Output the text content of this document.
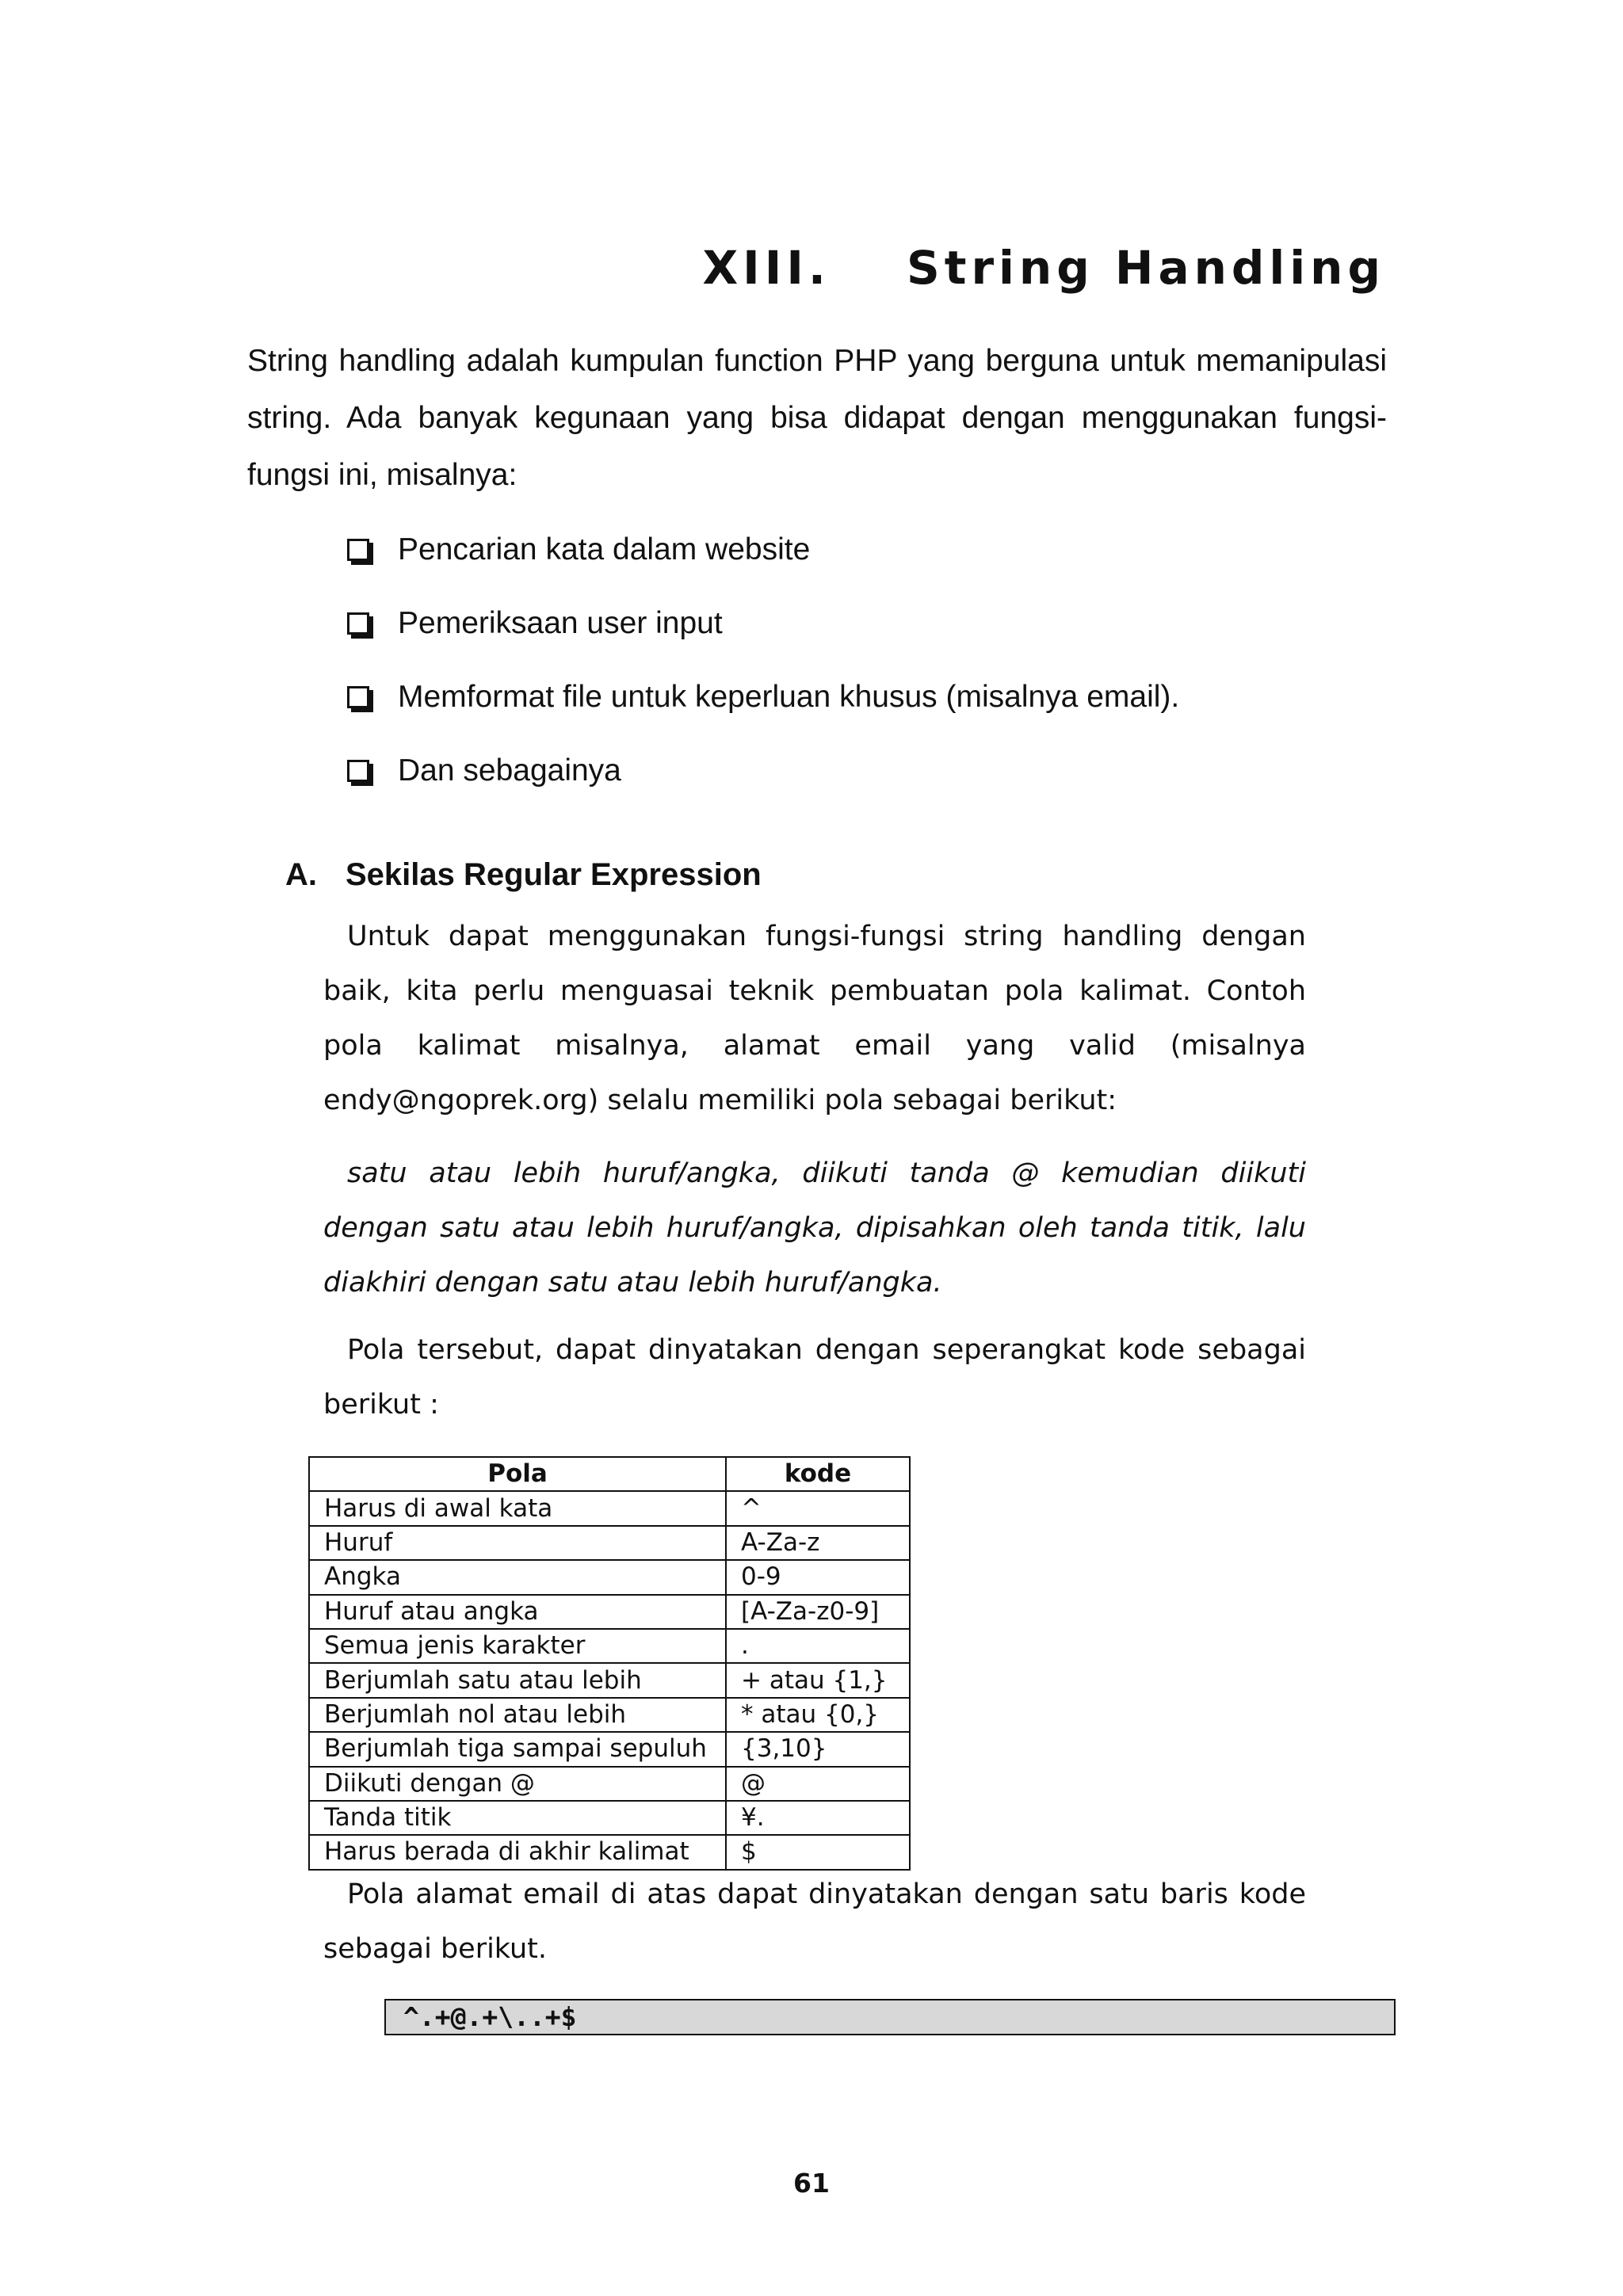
XIII. String Handling

String handling adalah kumpulan function PHP yang berguna untuk memanipulasi string. Ada banyak kegunaan yang bisa didapat dengan menggunakan fungsi-fungsi ini, misalnya:

Pencarian kata dalam website
Pemeriksaan user input
Memformat file untuk keperluan khusus (misalnya email).
Dan sebagainya
A. Sekilas Regular Expression

Untuk dapat menggunakan fungsi-fungsi string handling dengan baik, kita perlu menguasai teknik pembuatan pola kalimat. Contoh pola kalimat misalnya, alamat email yang valid (misalnya endy@ngoprek.org) selalu memiliki pola sebagai berikut:

satu atau lebih huruf/angka, diikuti tanda @ kemudian diikuti dengan satu atau lebih huruf/angka, dipisahkan oleh tanda titik, lalu diakhiri dengan satu atau lebih huruf/angka.

Pola tersebut, dapat dinyatakan dengan seperangkat kode sebagai berikut :

Pola	kode
Harus di awal kata	^
Huruf	A-Za-z
Angka	0-9
Huruf atau angka	[A-Za-z0-9]
Semua jenis karakter	.
Berjumlah satu atau lebih	+ atau {1,}
Berjumlah nol atau lebih	* atau {0,}
Berjumlah tiga sampai sepuluh	{3,10}
Diikuti dengan @	@
Tanda titik	¥.
Harus berada di akhir kalimat	$

Pola alamat email di atas dapat dinyatakan dengan satu baris kode sebagai berikut.

^.+@.+\..+$
61
